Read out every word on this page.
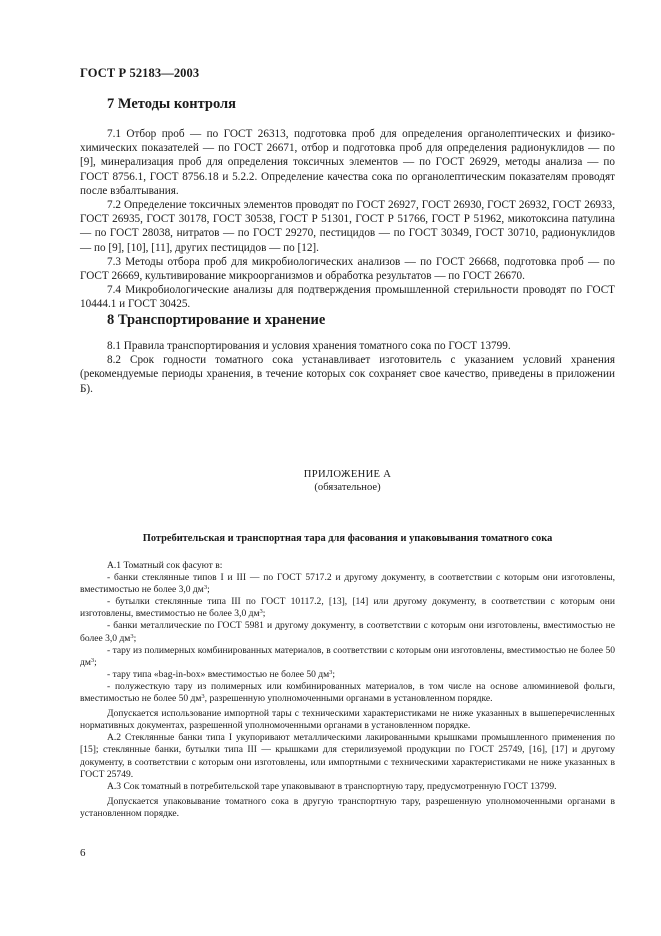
ГОСТ Р 52183—2003
7 Методы контроля

7.1 Отбор проб — по ГОСТ 26313, подготовка проб для определения органолептических и физико-химических показателей — по ГОСТ 26671, отбор и подготовка проб для определения радионуклидов — по [9], минерализация проб для определения токсичных элементов — по ГОСТ 26929, методы анализа — по ГОСТ 8756.1, ГОСТ 8756.18 и 5.2.2. Определение качества сока по органолептическим показателям проводят после взбалтывания.

7.2 Определение токсичных элементов проводят по ГОСТ 26927, ГОСТ 26930, ГОСТ 26932, ГОСТ 26933, ГОСТ 26935, ГОСТ 30178, ГОСТ 30538, ГОСТ Р 51301, ГОСТ Р 51766, ГОСТ Р 51962, микотоксина патулина — по ГОСТ 28038, нитратов — по ГОСТ 29270, пестицидов — по ГОСТ 30349, ГОСТ 30710, радионуклидов — по [9], [10], [11], других пестицидов — по [12].

7.3 Методы отбора проб для микробиологических анализов — по ГОСТ 26668, подготовка проб — по ГОСТ 26669, культивирование микроорганизмов и обработка результатов — по ГОСТ 26670.

7.4 Микробиологические анализы для подтверждения промышленной стерильности проводят по ГОСТ 10444.1 и ГОСТ 30425.

8 Транспортирование и хранение

8.1 Правила транспортирования и условия хранения томатного сока по ГОСТ 13799.

8.2 Срок годности томатного сока устанавливает изготовитель с указанием условий хранения (рекомендуемые периоды хранения, в течение которых сок сохраняет свое качество, приведены в приложении Б).

ПРИЛОЖЕНИЕ А
(обязательное)
Потребительская и транспортная тара для фасования и упаковывания томатного сока

А.1 Томатный сок фасуют в:

- банки стеклянные типов I и III — по ГОСТ 5717.2 и другому документу, в соответствии с которым они изготовлены, вместимостью не более 3,0 $дм^3$;

- бутылки стеклянные типа III по ГОСТ 10117.2, [13], [14] или другому документу, в соответствии с которым они изготовлены, вместимостью не более 3,0 $дм^3$;

- банки металлические по ГОСТ 5981 и другому документу, в соответствии с которым они изготовлены, вместимостью не более 3,0 $дм^3$;

- тару из полимерных комбинированных материалов, в соответствии с которым они изготовлены, вместимостью не более 50 $дм^3$;

- тару типа «bag-in-box» вместимостью не более 50 $дм^3$;

- полужесткую тару из полимерных или комбинированных материалов, в том числе на основе алюминиевой фольги, вместимостью не более 50 $дм^3$, разрешенную уполномоченными органами в установленном порядке.

Допускается использование импортной тары с техническими характеристиками не ниже указанных в вышеперечисленных нормативных документах, разрешенной уполномоченными органами в установленном порядке.

А.2 Стеклянные банки типа I укупоривают металлическими лакированными крышками промышленного применения по [15]; стеклянные банки, бутылки типа III — крышками для стерилизуемой продукции по ГОСТ 25749, [16], [17] и другому документу, в соответствии с которым они изготовлены, или импортными с техническими характеристиками не ниже указанных в ГОСТ 25749.

А.3 Сок томатный в потребительской таре упаковывают в транспортную тару, предусмотренную ГОСТ 13799.

Допускается упаковывание томатного сока в другую транспортную тару, разрешенную уполномоченными органами в установленном порядке.

6
